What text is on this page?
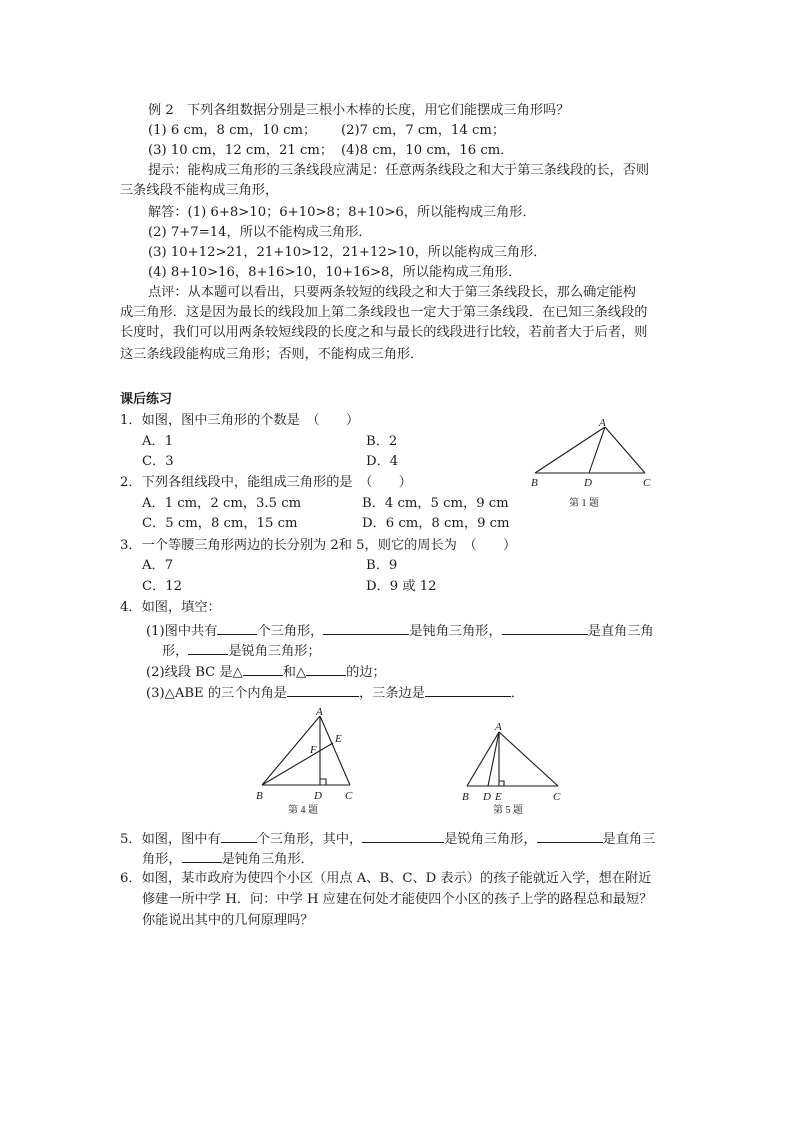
例 2　下列各组数据分别是三根小木棒的长度，用它们能摆成三角形吗？
(1) 6 cm，8 cm，10 cm； (2)7 cm，7 cm，14 cm；
(3) 10 cm，12 cm，21 cm； (4)8 cm，10 cm，16 cm．
提示：能构成三角形的三条线段应满足：任意两条线段之和大于第三条线段的长，否则
三条线段不能构成三角形，
解答：(1) 6+8>10；6+10>8；8+10>6，所以能构成三角形．
(2) 7+7=14，所以不能构成三角形．
(3) 10+12>21，21+10>12，21+12>10，所以能构成三角形．
(4) 8+10>16，8+16>10，10+16>8，所以能构成三角形．
点评：从本题可以看出，只要两条较短的线段之和大于第三条线段长，那么确定能构
成三角形．这是因为最长的线段加上第二条线段也一定大于第三条线段．在已知三条线段的
长度时，我们可以用两条较短线段的长度之和与最长的线段进行比较，若前者大于后者，则
这三条线段能构成三角形；否则，不能构成三角形．
课后练习
1．如图，图中三角形的个数是　（　　）
A．1	B．2
C．3	D．4
A
B	D	C
第 1 题
2．下列各组线段中，能组成三角形的是　（　　）
A．1 cm，2 cm，3.5 cm	B．4 cm，5 cm，9 cm
C．5 cm，8 cm，15 cm	D．6 cm，8 cm，9 cm
3．一个等腰三角形两边的长分别为 2和 5，则它的周长为　（　　）
A．7	B．9
C．12	D．9 或 12
4．如图，填空：
(1)图中共有	个三角形，	是钝角三角形，	是直角三角
形，	是锐角三角形；
(2)线段 BC 是△	和△	的边；
(3)△ABE 的三个内角是	，三条边是	．
A
B	D C
E
F
第 4 题
A
B D E	C
第 5 题
5．如图，图中有	个三角形，其中，	是锐角三角形，	是直角三
角形，	是钝角三角形．
6．如图，某市政府为使四个小区（用点 A、B、C、D 表示）的孩子能就近入学，想在附近
修建一所中学 H．问：中学 H 应建在何处才能使四个小区的孩子上学的路程总和最短？
你能说出其中的几何原理吗？
